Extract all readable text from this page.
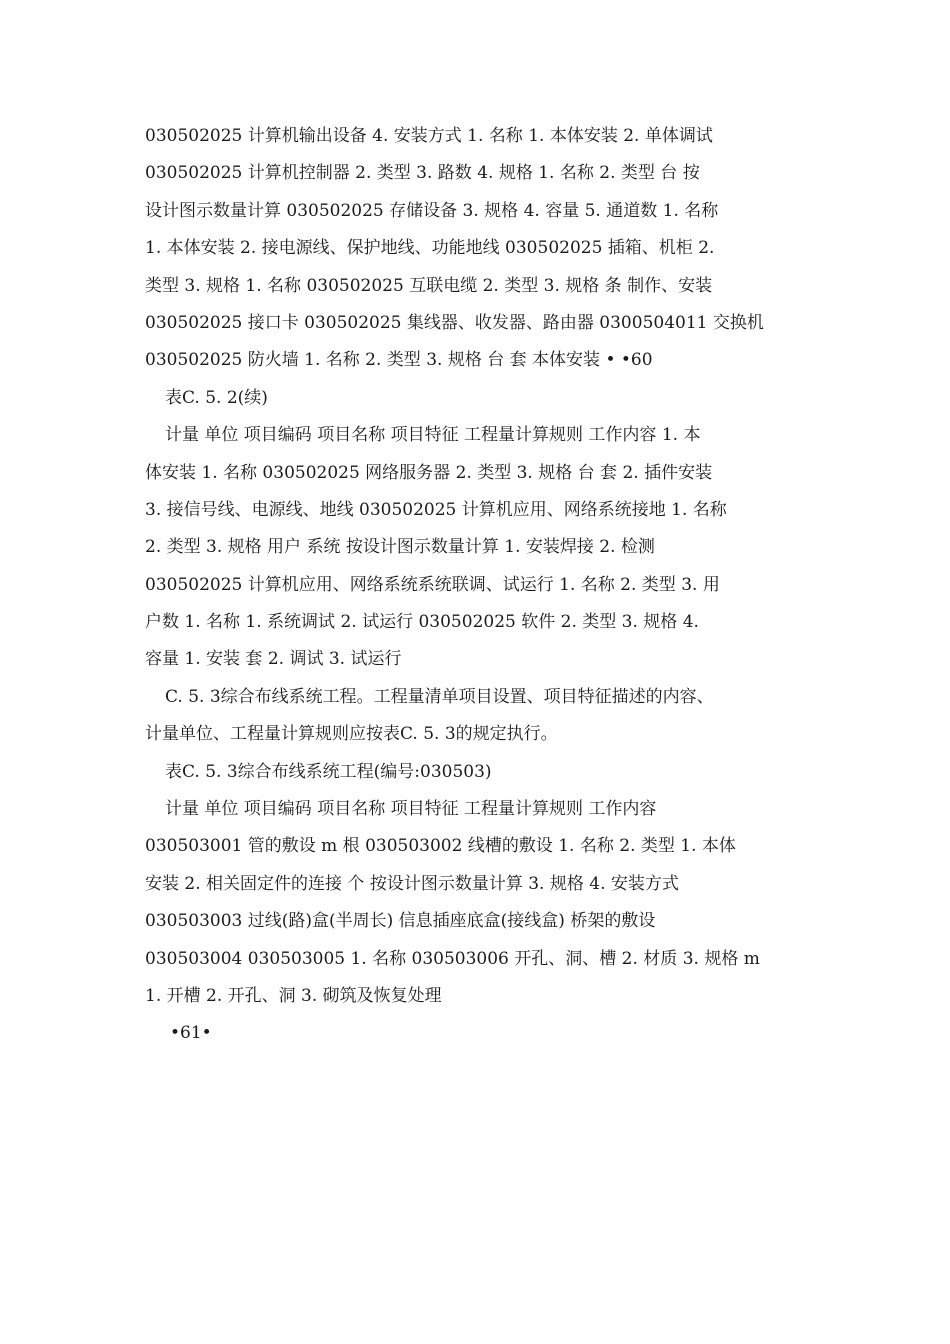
030502025 计算机输出设备 4. 安装方式 1. 名称 1. 本体安装 2. 单体调试
030502025 计算机控制器 2. 类型 3. 路数 4. 规格 1. 名称 2. 类型 台 按
设计图示数量计算 030502025 存储设备 3. 规格 4. 容量 5. 通道数 1. 名称
1. 本体安装 2. 接电源线、保护地线、功能地线 030502025 插箱、机柜 2.
类型 3. 规格 1. 名称 030502025 互联电缆 2. 类型 3. 规格 条 制作、安装
030502025 接口卡 030502025 集线器、收发器、路由器 0300504011 交换机
030502025 防火墙 1. 名称 2. 类型 3. 规格 台 套 本体安装 • •60
表C. 5. 2(续)
计量 单位 项目编码 项目名称 项目特征 工程量计算规则 工作内容 1. 本
体安装 1. 名称 030502025 网络服务器 2. 类型 3. 规格 台 套 2. 插件安装
3. 接信号线、电源线、地线 030502025 计算机应用、网络系统接地 1. 名称
2. 类型 3. 规格 用户 系统 按设计图示数量计算 1. 安装焊接 2. 检测
030502025 计算机应用、网络系统系统联调、试运行 1. 名称 2. 类型 3. 用
户数 1. 名称 1. 系统调试 2. 试运行 030502025 软件 2. 类型 3. 规格 4.
容量 1. 安装 套 2. 调试 3. 试运行
C. 5. 3综合布线系统工程。工程量清单项目设置、项目特征描述的内容、
计量单位、工程量计算规则应按表C. 5. 3的规定执行。
表C. 5. 3综合布线系统工程(编号:030503)
计量 单位 项目编码 项目名称 项目特征 工程量计算规则 工作内容
030503001 管的敷设 m 根 030503002 线槽的敷设 1. 名称 2. 类型 1. 本体
安装 2. 相关固定件的连接 个 按设计图示数量计算 3. 规格 4. 安装方式
030503003 过线(路)盒(半周长) 信息插座底盒(接线盒) 桥架的敷设
030503004 030503005 1. 名称 030503006 开孔、洞、槽 2. 材质 3. 规格 m
1. 开槽 2. 开孔、洞 3. 砌筑及恢复处理
•61•
